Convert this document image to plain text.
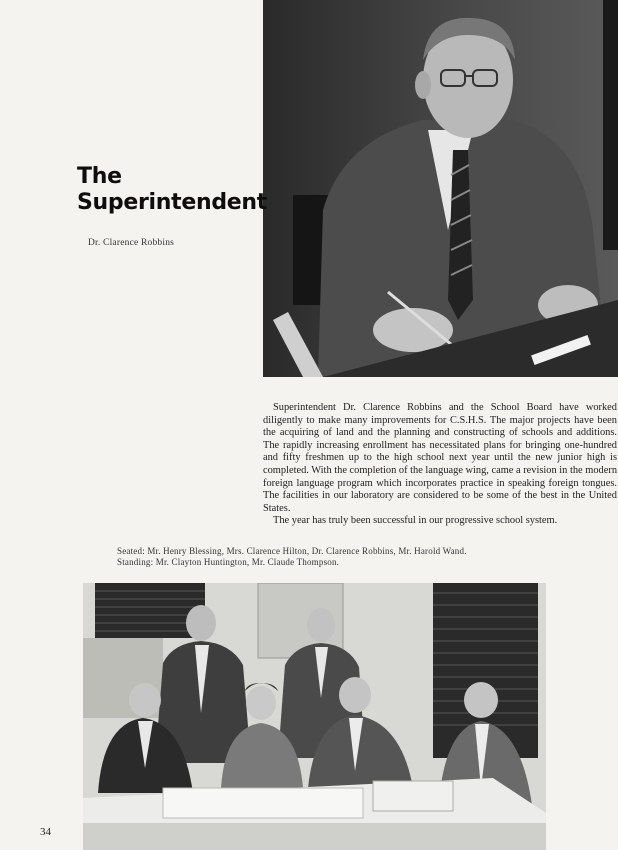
The
Superintendent
Dr. Clarence Robbins

Superintendent Dr. Clarence Robbins and the School Board have worked diligently to make many improvements for C.S.H.S. The major projects have been the acquiring of land and the planning and constructing of schools and additions. The rapidly increasing enrollment has necessitated plans for bringing one-hundred and fifty freshmen up to the high school next year until the new junior high is completed. With the completion of the language wing, came a revision in the modern foreign language program which incorporates practice in speaking foreign tongues. The facilities in our laboratory are considered to be some of the best in the United States.

The year has truly been successful in our progressive school system.

Seated: Mr. Henry Blessing, Mrs. Clarence Hilton, Dr. Clarence Robbins, Mr. Harold Wand.
Standing: Mr. Clayton Huntington, Mr. Claude Thompson.
34
